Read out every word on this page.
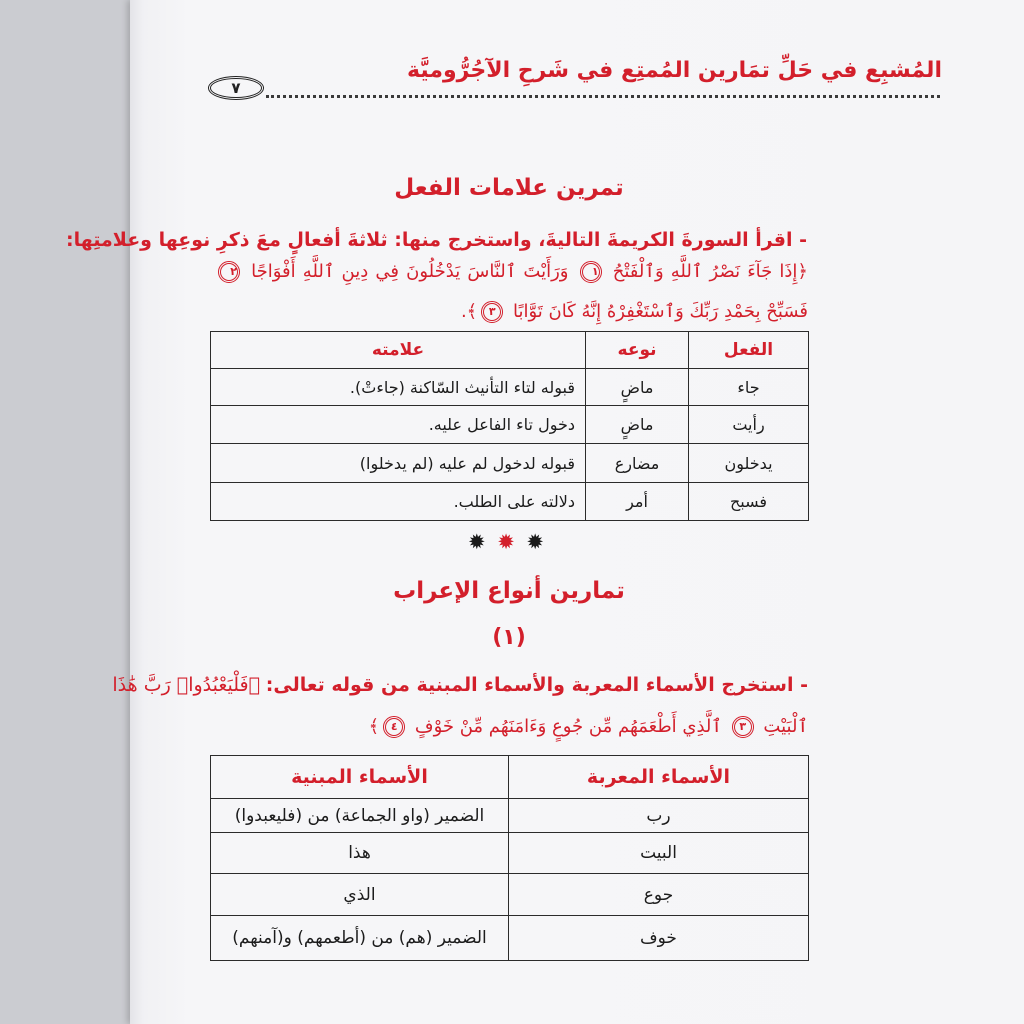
المُشبِع في حَلِّ تمَارين المُمتِع في شَرحِ الآجُرُّوميَّة
٧
تمرين علامات الفعل
- اقرأ السورةَ الكريمةَ التاليةَ، واستخرج منها: ثلاثةَ أفعالٍ معَ ذكرِ نوعِها وعلامتِها:
﴿إِذَا جَآءَ نَصْرُ ٱللَّهِ وَٱلْفَتْحُ ١ وَرَأَيْتَ ٱلنَّاسَ يَدْخُلُونَ فِي دِينِ ٱللَّهِ أَفْوَاجًا ٢
فَسَبِّحْ بِحَمْدِ رَبِّكَ وَٱسْتَغْفِرْهُ إِنَّهُ كَانَ تَوَّابًا ٣﴾.
الفعل	نوعه	علامته
جاء	ماضٍ	قبوله لتاء التأنيث السّاكنة (جاءتْ).
رأيت	ماضٍ	دخول تاء الفاعل عليه.
يدخلون	مضارع	قبوله لدخول لم عليه (لم يدخلوا)
فسبح	أمر	دلالته على الطلب.
✹ ✹ ✹
تمارين أنواع الإعراب
(١)
- استخرج الأسماء المعربة والأسماء المبنية من قوله تعالى: ﴿فَلْيَعْبُدُوا۟ رَبَّ هَٰذَا
ٱلْبَيْتِ ٣ ٱلَّذِي أَطْعَمَهُم مِّن جُوعٍ وَءَامَنَهُم مِّنْ خَوْفٍ ٤﴾
الأسماء المعربة	الأسماء المبنية
رب	الضمير (واو الجماعة) من (فليعبدوا)
البيت	هذا
جوع	الذي
خوف	الضمير (هم) من (أطعمهم) و(آمنهم)
